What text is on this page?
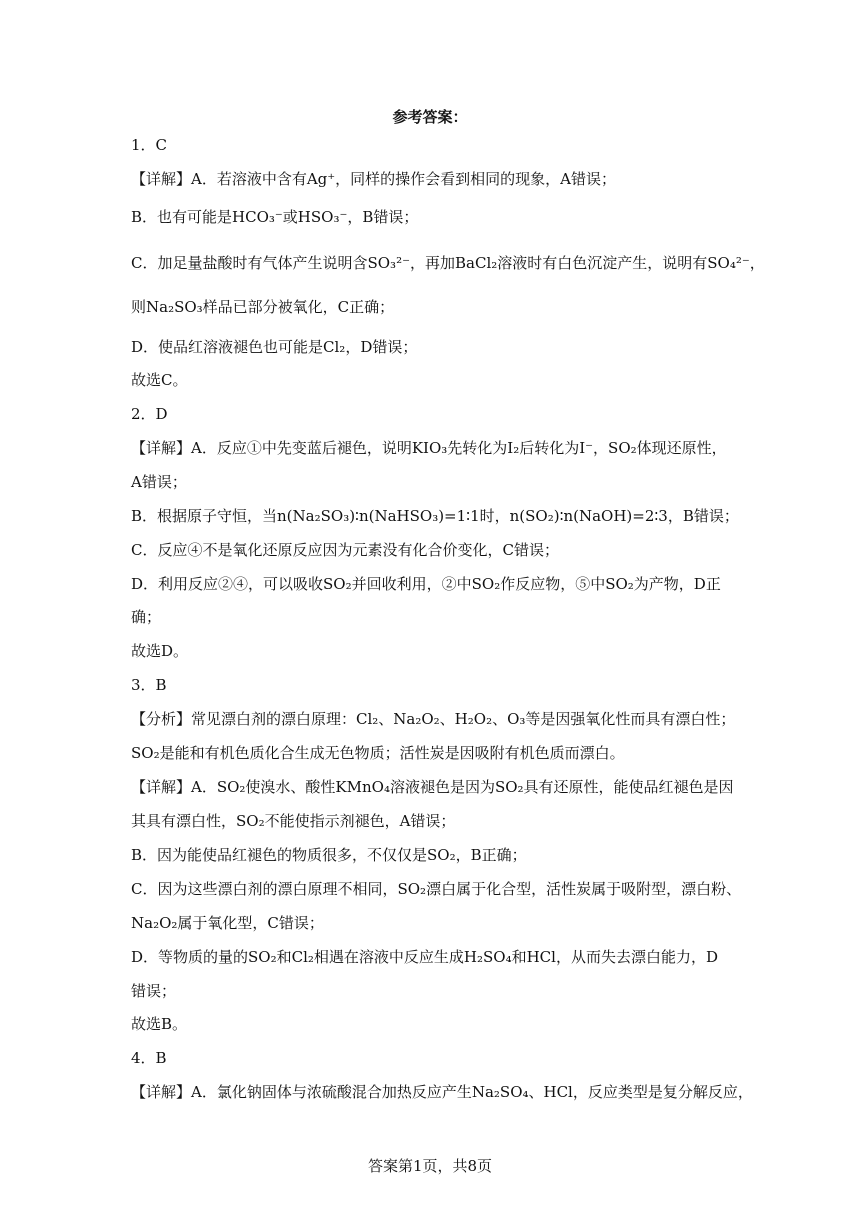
参考答案：
1．C
【详解】A．若溶液中含有Ag⁺，同样的操作会看到相同的现象，A错误；
B．也有可能是HCO₃⁻或HSO₃⁻，B错误；
C．加足量盐酸时有气体产生说明含SO₃²⁻，再加BaCl₂溶液时有白色沉淀产生，说明有SO₄²⁻，
则Na₂SO₃样品已部分被氧化，C正确；
D．使品红溶液褪色也可能是Cl₂，D错误；
故选C。
2．D
【详解】A．反应①中先变蓝后褪色，说明KIO₃先转化为I₂后转化为I⁻，SO₂体现还原性，
A错误；
B．根据原子守恒，当n(Na₂SO₃)∶n(NaHSO₃)=1∶1时，n(SO₂)∶n(NaOH)=2∶3，B错误；
C．反应④不是氧化还原反应因为元素没有化合价变化，C错误；
D．利用反应②④，可以吸收SO₂并回收利用，②中SO₂作反应物，⑤中SO₂为产物，D正
确；
故选D。
3．B
【分析】常见漂白剂的漂白原理：Cl₂、Na₂O₂、H₂O₂、O₃等是因强氧化性而具有漂白性；
SO₂是能和有机色质化合生成无色物质；活性炭是因吸附有机色质而漂白。
【详解】A．SO₂使溴水、酸性KMnO₄溶液褪色是因为SO₂具有还原性，能使品红褪色是因
其具有漂白性，SO₂不能使指示剂褪色，A错误；
B．因为能使品红褪色的物质很多，不仅仅是SO₂，B正确；
C．因为这些漂白剂的漂白原理不相同，SO₂漂白属于化合型，活性炭属于吸附型，漂白粉、
Na₂O₂属于氧化型，C错误；
D．等物质的量的SO₂和Cl₂相遇在溶液中反应生成H₂SO₄和HCl，从而失去漂白能力，D
错误；
故选B。
4．B
【详解】A．氯化钠固体与浓硫酸混合加热反应产生Na₂SO₄、HCl，反应类型是复分解反应，
答案第1页，共8页
